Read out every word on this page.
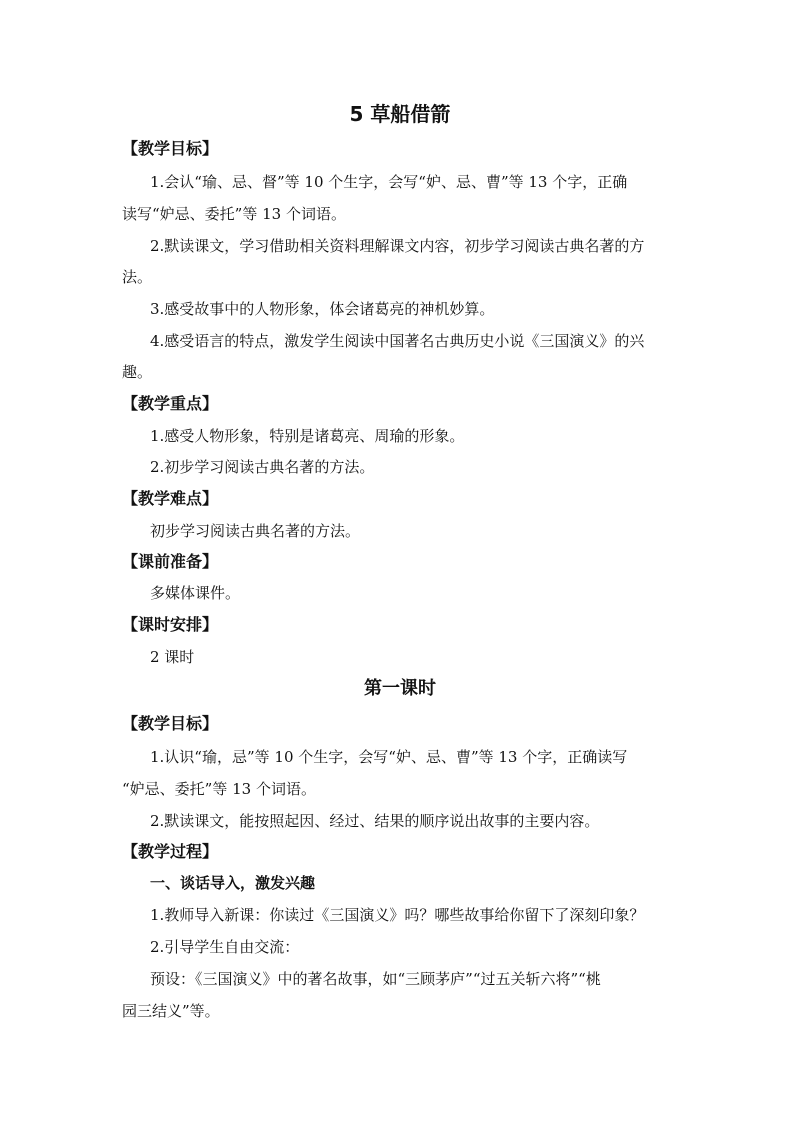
5 草船借箭
【教学目标】
1.会认“瑜、忌、督”等 10 个生字，会写“妒、忌、曹”等 13 个字，正确
读写“妒忌、委托”等 13 个词语。
2.默读课文，学习借助相关资料理解课文内容，初步学习阅读古典名著的方
法。
3.感受故事中的人物形象，体会诸葛亮的神机妙算。
4.感受语言的特点，激发学生阅读中国著名古典历史小说《三国演义》的兴
趣。
【教学重点】
1.感受人物形象，特别是诸葛亮、周瑜的形象。
2.初步学习阅读古典名著的方法。
【教学难点】
初步学习阅读古典名著的方法。
【课前准备】
多媒体课件。
【课时安排】
2 课时
第一课时
【教学目标】
1.认识“瑜，忌”等 10 个生字，会写“妒、忌、曹”等 13 个字，正确读写
“妒忌、委托”等 13 个词语。
2.默读课文，能按照起因、经过、结果的顺序说出故事的主要内容。
【教学过程】
一、谈话导入，激发兴趣
1.教师导入新课：你读过《三国演义》吗？哪些故事给你留下了深刻印象？
2.引导学生自由交流：
预设：《三国演义》中的著名故事，如“三顾茅庐”“过五关斩六将”“桃
园三结义”等。
